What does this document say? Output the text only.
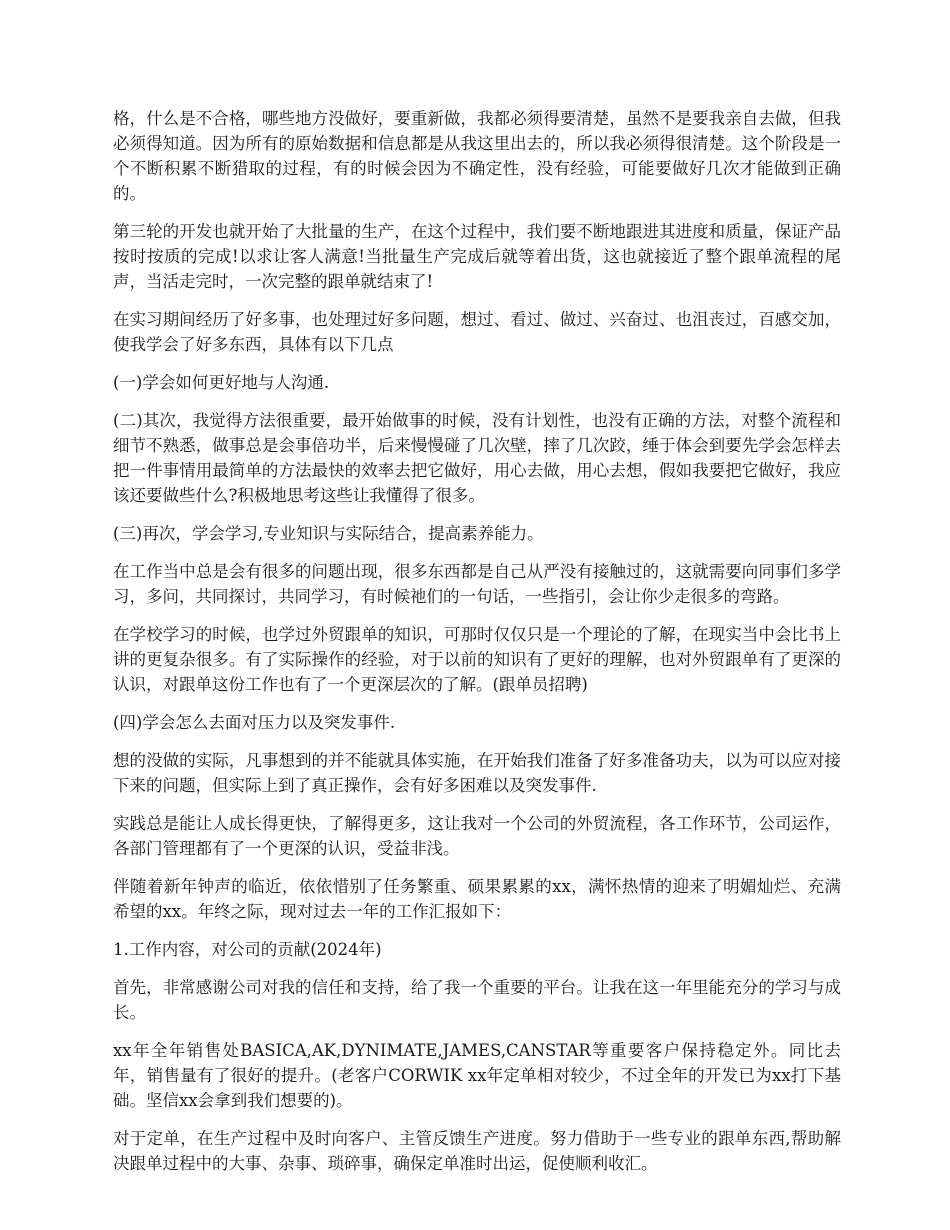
格，什么是不合格，哪些地方没做好，要重新做，我都必须得要清楚，虽然不是要我亲自去做，但我必须得知道。因为所有的原始数据和信息都是从我这里出去的，所以我必须得很清楚。这个阶段是一个不断积累不断猎取的过程，有的时候会因为不确定性，没有经验，可能要做好几次才能做到正确的。

第三轮的开发也就开始了大批量的生产，在这个过程中，我们要不断地跟进其进度和质量，保证产品按时按质的完成!以求让客人满意!当批量生产完成后就等着出货，这也就接近了整个跟单流程的尾声，当活走完时，一次完整的跟单就结束了!

在实习期间经历了好多事，也处理过好多问题，想过、看过、做过、兴奋过、也沮丧过，百感交加，使我学会了好多东西，具体有以下几点

(一)学会如何更好地与人沟通.

(二)其次，我觉得方法很重要，最开始做事的时候，没有计划性，也没有正确的方法，对整个流程和细节不熟悉，做事总是会事倍功半，后来慢慢碰了几次壁，摔了几次跤，缍于体会到要先学会怎样去把一件事情用最简单的方法最快的效率去把它做好，用心去做，用心去想，假如我要把它做好，我应该还要做些什么?积极地思考这些让我懂得了很多。

(三)再次，学会学习,专业知识与实际结合，提高素养能力。

在工作当中总是会有很多的问题出现，很多东西都是自己从严没有接触过的，这就需要向同事们多学习，多问，共同探讨，共同学习，有时候祂们的一句话，一些指引，会让你少走很多的弯路。

在学校学习的时候，也学过外贸跟单的知识，可那时仅仅只是一个理论的了解，在现实当中会比书上讲的更复杂很多。有了实际操作的经验，对于以前的知识有了更好的理解，也对外贸跟单有了更深的认识，对跟单这份工作也有了一个更深层次的了解。(跟单员招聘)

(四)学会怎么去面对压力以及突发事件.

想的没做的实际，凡事想到的并不能就具体实施，在开始我们准备了好多准备功夫，以为可以应对接下来的问题，但实际上到了真正操作，会有好多困难以及突发事件.

实践总是能让人成长得更快，了解得更多，这让我对一个公司的外贸流程，各工作环节，公司运作，各部门管理都有了一个更深的认识，受益非浅。

伴随着新年钟声的临近，依依惜别了任务繁重、硕果累累的xx，满怀热情的迎来了明媚灿烂、充满希望的xx。年终之际，现对过去一年的工作汇报如下：

1.工作内容，对公司的贡献(2024年)

首先，非常感谢公司对我的信任和支持，给了我一个重要的平台。让我在这一年里能充分的学习与成长。

xx年全年销售处BASICA,AK,DYNIMATE,JAMES,CANSTAR等重要客户保持稳定外。同比去年，销售量有了很好的提升。(老客户CORWIK xx年定单相对较少，不过全年的开发已为xx打下基础。坚信xx会拿到我们想要的)。

对于定单，在生产过程中及时向客户、主管反馈生产进度。努力借助于一些专业的跟单东西,帮助解决跟单过程中的大事、杂事、琐碎事，确保定单准时出运，促使顺利收汇。
